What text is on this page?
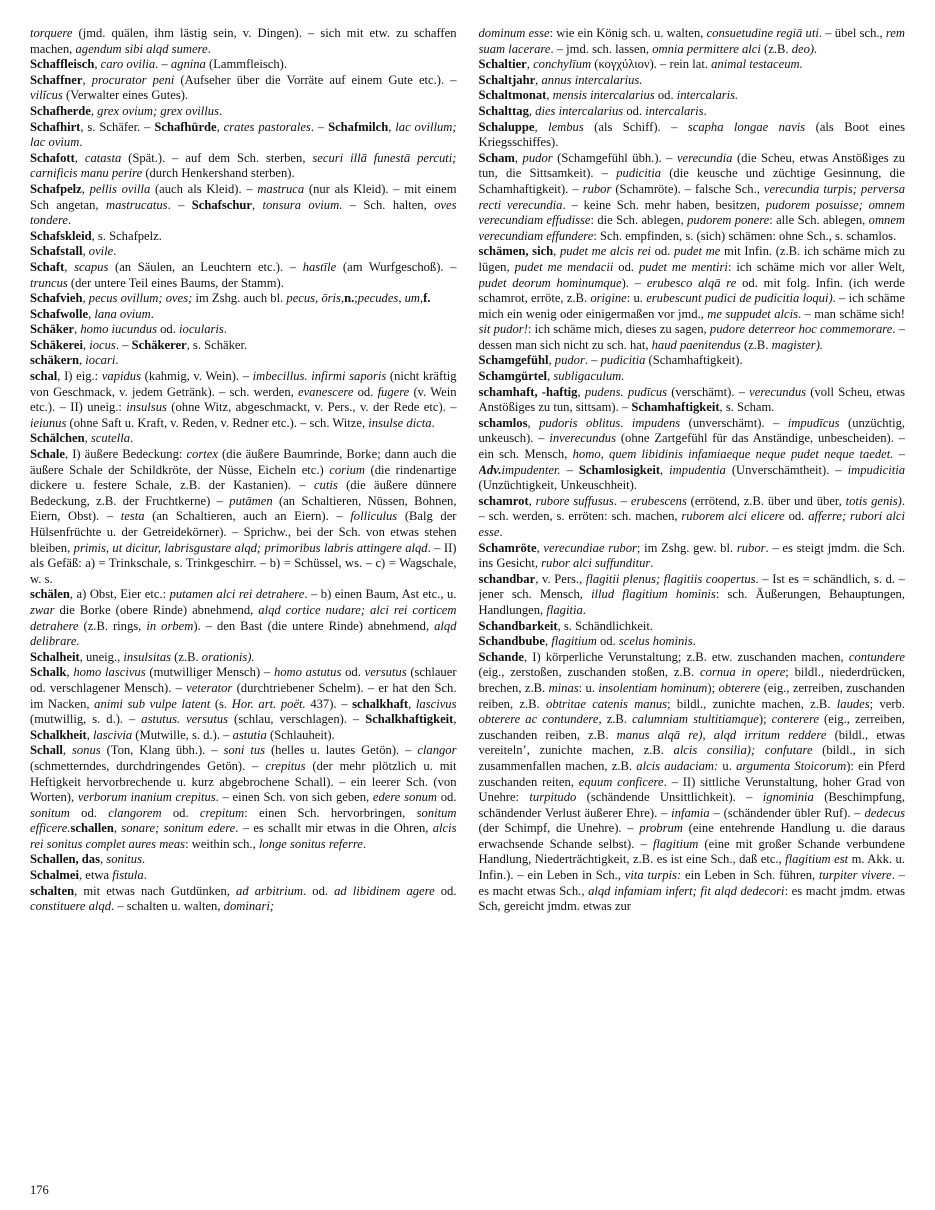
torquere (jmd. quälen, ihm lästig sein, v. Dingen). – sich mit etw. zu schaffen machen, agendum sibi alqd sumere.

Schaffleisch, caro ovilia. – agnina (Lammfleisch).

Schaffner, procurator peni (Aufseher über die Vorräte auf einem Gute etc.). – vilĭcus (Verwalter eines Gutes).

Schafherde, grex ovium; grex ovillus.

Schafhirt, s. Schäfer. – Schafhürde, crates pastorales. – Schafmilch, lac ovillum; lac ovium.

Schafott, catasta (Spät.). – auf dem Sch. sterben, securi illā funestā percuti; carnificis manu perire (durch Henkershand sterben).

Schafpelz, pellis ovilla (auch als Kleid). – mastruca (nur als Kleid). – mit einem Sch angetan, mastrucatus. – Schafschur, tonsura ovium. – Sch. halten, oves tondere.

Schafskleid, s. Schafpelz.

Schafstall, ovile.

Schaft, scapus (an Säulen, an Leuchtern etc.). – hastīle (am Wurfgeschoß). – truncus (der untere Teil eines Baums, der Stamm).

Schafvieh, pecus ovillum; oves; im Zshg. auch bl. pecus, ōris,n.;pecudes, um,f.

Schafwolle, lana ovium.

Schäker, homo iucundus od. iocularis.

Schäkerei, iocus. – Schäkerer, s. Schäker.

schäkern, iocari.

schal, I) eig.: vapidus (kahmig, v. Wein). – imbecillus. infirmi saporis (nicht kräftig von Geschmack, v. jedem Getränk). – sch. werden, evanescere od. fugere (v. Wein etc.). – II) uneig.: insulsus (ohne Witz, abgeschmackt, v. Pers., v. der Rede etc). – ieiunus (ohne Saft u. Kraft, v. Reden, v. Redner etc.). – sch. Witze, insulse dicta.

Schälchen, scutella.

Schale, I) äußere Bedeckung: cortex (die äußere Baumrinde, Borke; dann auch die äußere Schale der Schildkröte, der Nüsse, Eicheln etc.) corium (die rindenartige dickere u. festere Schale, z.B. der Kastanien). – cutis (die äußere dünnere Bedeckung, z.B. der Fruchtkerne) – putāmen (an Schaltieren, Nüssen, Bohnen, Eiern, Obst). – testa (an Schaltieren, auch an Eiern). – folliculus (Balg der Hülsenfrüchte u. der Getreidekörner). – Sprichw., bei der Sch. von etwas stehen bleiben, primis, ut dicitur, labrisgustare alqd; primoribus labris attingere alqd. – II) als Gefäß: a) = Trinkschale, s. Trinkgeschirr. – b) = Schüssel, ws. – c) = Wagschale, w. s.

schälen, a) Obst, Eier etc.: putamen alci rei detrahere. – b) einen Baum, Ast etc., u. zwar die Borke (obere Rinde) abnehmend, alqd cortice nudare; alci rei corticem detrahere (z.B. rings, in orbem). – den Bast (die untere Rinde) abnehmend, alqd delibrare.

Schalheit, uneig., insulsitas (z.B. orationis).

Schalk, homo lascivus (mutwilliger Mensch) – homo astutus od. versutus (schlauer od. verschlagener Mensch). – veterator (durchtriebener Schelm). – er hat den Sch. im Nacken, animi sub vulpe latent (s. Hor. art. poët. 437). – schalkhaft, lascivus (mutwillig, s. d.). – astutus. versutus (schlau, verschlagen). – Schalkhaftigkeit, Schalkheit, lascivia (Mutwille, s. d.). – astutia (Schlauheit).

Schall, sonus (Ton, Klang übh.). – soni tus (helles u. lautes Getön). – clangor (schmetterndes, durchdringendes Getön). – crepitus (der mehr plötzlich u. mit Heftigkeit hervorbrechende u. kurz abgebrochene Schall). – ein leerer Sch. (von Worten), verborum inanium crepitus. – einen Sch. von sich geben, edere sonum od. sonitum od. clangorem od. crepitum: einen Sch. hervorbringen, sonitum efficere.schallen, sonare; sonitum edere. – es schallt mir etwas in die Ohren, alcis rei sonitus complet aures meas: weithin sch., longe sonitus referre.

Schallen, das, sonitus.

Schalmei, etwa fistula.

schalten, mit etwas nach Gutdünken, ad arbitrium. od. ad libidinem agere od. constituere alqd. – schalten u. walten, dominari;

dominum esse: wie ein König sch. u. walten, consuetudine regiā uti. – übel sch., rem suam lacerare. – jmd. sch. lassen, omnia permittere alci (z.B. deo).

Schaltier, conchylīum (κογχύλιον). – rein lat. animal testaceum.

Schaltjahr, annus intercalarius.

Schaltmonat, mensis intercalarius od. intercalaris.

Schalttag, dies intercalarius od. intercalaris.

Schaluppe, lembus (als Schiff). – scapha longae navis (als Boot eines Kriegsschiffes).

Scham, pudor (Schamgefühl übh.). – verecundia (die Scheu, etwas Anstößiges zu tun, die Sittsamkeit). – pudicitia (die keusche und züchtige Gesinnung, die Schamhaftigkeit). – rubor (Schamröte). – falsche Sch., verecundia turpis; perversa recti verecundia. – keine Sch. mehr haben, besitzen, pudorem posuisse; omnem verecundiam effudisse: die Sch. ablegen, pudorem ponere: alle Sch. ablegen, omnem verecundiam effundere: Sch. empfinden, s. (sich) schämen: ohne Sch., s. schamlos.

schämen, sich, pudet me alcis rei od. pudet me mit Infin. (z.B. ich schäme mich zu lügen, pudet me mendacii od. pudet me mentiri: ich schäme mich vor aller Welt, pudet deorum hominumque). – erubesco alqā re od. mit folg. Infin. (ich werde schamrot, erröte, z.B. origine: u. erubescunt pudici de pudicitia loqui). – ich schäme mich ein wenig oder einigermaßen vor jmd., me suppudet alcis. – man schäme sich! sit pudor!: ich schäme mich, dieses zu sagen, pudore deterreor hoc commemorare. – dessen man sich nicht zu sch. hat, haud paenitendus (z.B. magister).

Schamgefühl, pudor. – pudicitia (Schamhaftigkeit).

Schamgürtel, subligaculum.

schamhaft, -haftig, pudens. pudīcus (verschämt). – verecundus (voll Scheu, etwas Anstößiges zu tun, sittsam). – Schamhaftigkeit, s. Scham.

schamlos, pudoris oblitus. impudens (unverschämt). – impudīcus (unzüchtig, unkeusch). – inverecundus (ohne Zartgefühl für das Anständige, unbescheiden). – ein sch. Mensch, homo, quem libidinis infamiaeque neque pudet neque taedet. – Adv.impudenter. – Schamlosigkeit, impudentia (Unverschämtheit). – impudicitia (Unzüchtigkeit, Unkeuschheit).

schamrot, rubore suffusus. – erubescens (errötend, z.B. über und über, totis genis). – sch. werden, s. erröten: sch. machen, ruborem alci elicere od. afferre; rubori alci esse.

Schamröte, verecundiae rubor; im Zshg. gew. bl. rubor. – es steigt jmdm. die Sch. ins Gesicht, rubor alci suffunditur.

schandbar, v. Pers., flagitii plenus; flagitiis coopertus. – Ist es = schändlich, s. d. – jener sch. Mensch, illud flagitium hominis: sch. Äußerungen, Behauptungen, Handlungen, flagitia.

Schandbarkeit, s. Schändlichkeit.

Schandbube, flagitium od. scelus hominis.

Schande, I) körperliche Verunstaltung; z.B. etw. zuschanden machen, contundere (eig., zerstoßen, zuschanden stoßen, z.B. cornua in opere; bildl., niederdrücken, brechen, z.B. minas: u. insolentiam hominum); obterere (eig., zerreiben, zuschanden reiben, z.B. obtritae catenis manus; bildl., zunichte machen, z.B. laudes; verb. obterere ac contundere, z.B. calumniam stultitiamque); conterere (eig., zerreiben, zuschanden reiben, z.B. manus alqā re), alqd irritum reddere (bildl., etwas vereiteln’, zunichte machen, z.B. alcis consilia); confutare (bildl., in sich zusammenfallen machen, z.B. alcis audaciam: u. argumenta Stoicorum): ein Pferd zuschanden reiten, equum conficere. – II) sittliche Verunstaltung, hoher Grad von Unehre: turpitudo (schändende Unsittlichkeit). – ignominia (Beschimpfung, schändender Verlust äußerer Ehre). – infamia – (schändender übler Ruf). – dedecus (der Schimpf, die Unehre). – probrum (eine entehrende Handlung u. die daraus erwachsende Schande selbst). – flagitium (eine mit großer Schande verbundene Handlung, Niederträchtigkeit, z.B. es ist eine Sch., daß etc., flagitium est m. Akk. u. Infin.). – ein Leben in Sch., vita turpis: ein Leben in Sch. führen, turpiter vivere. – es macht etwas Sch., alqd infamiam infert; fit alqd dedecori: es macht jmdm. etwas Sch, gereicht jmdm. etwas zur

176
